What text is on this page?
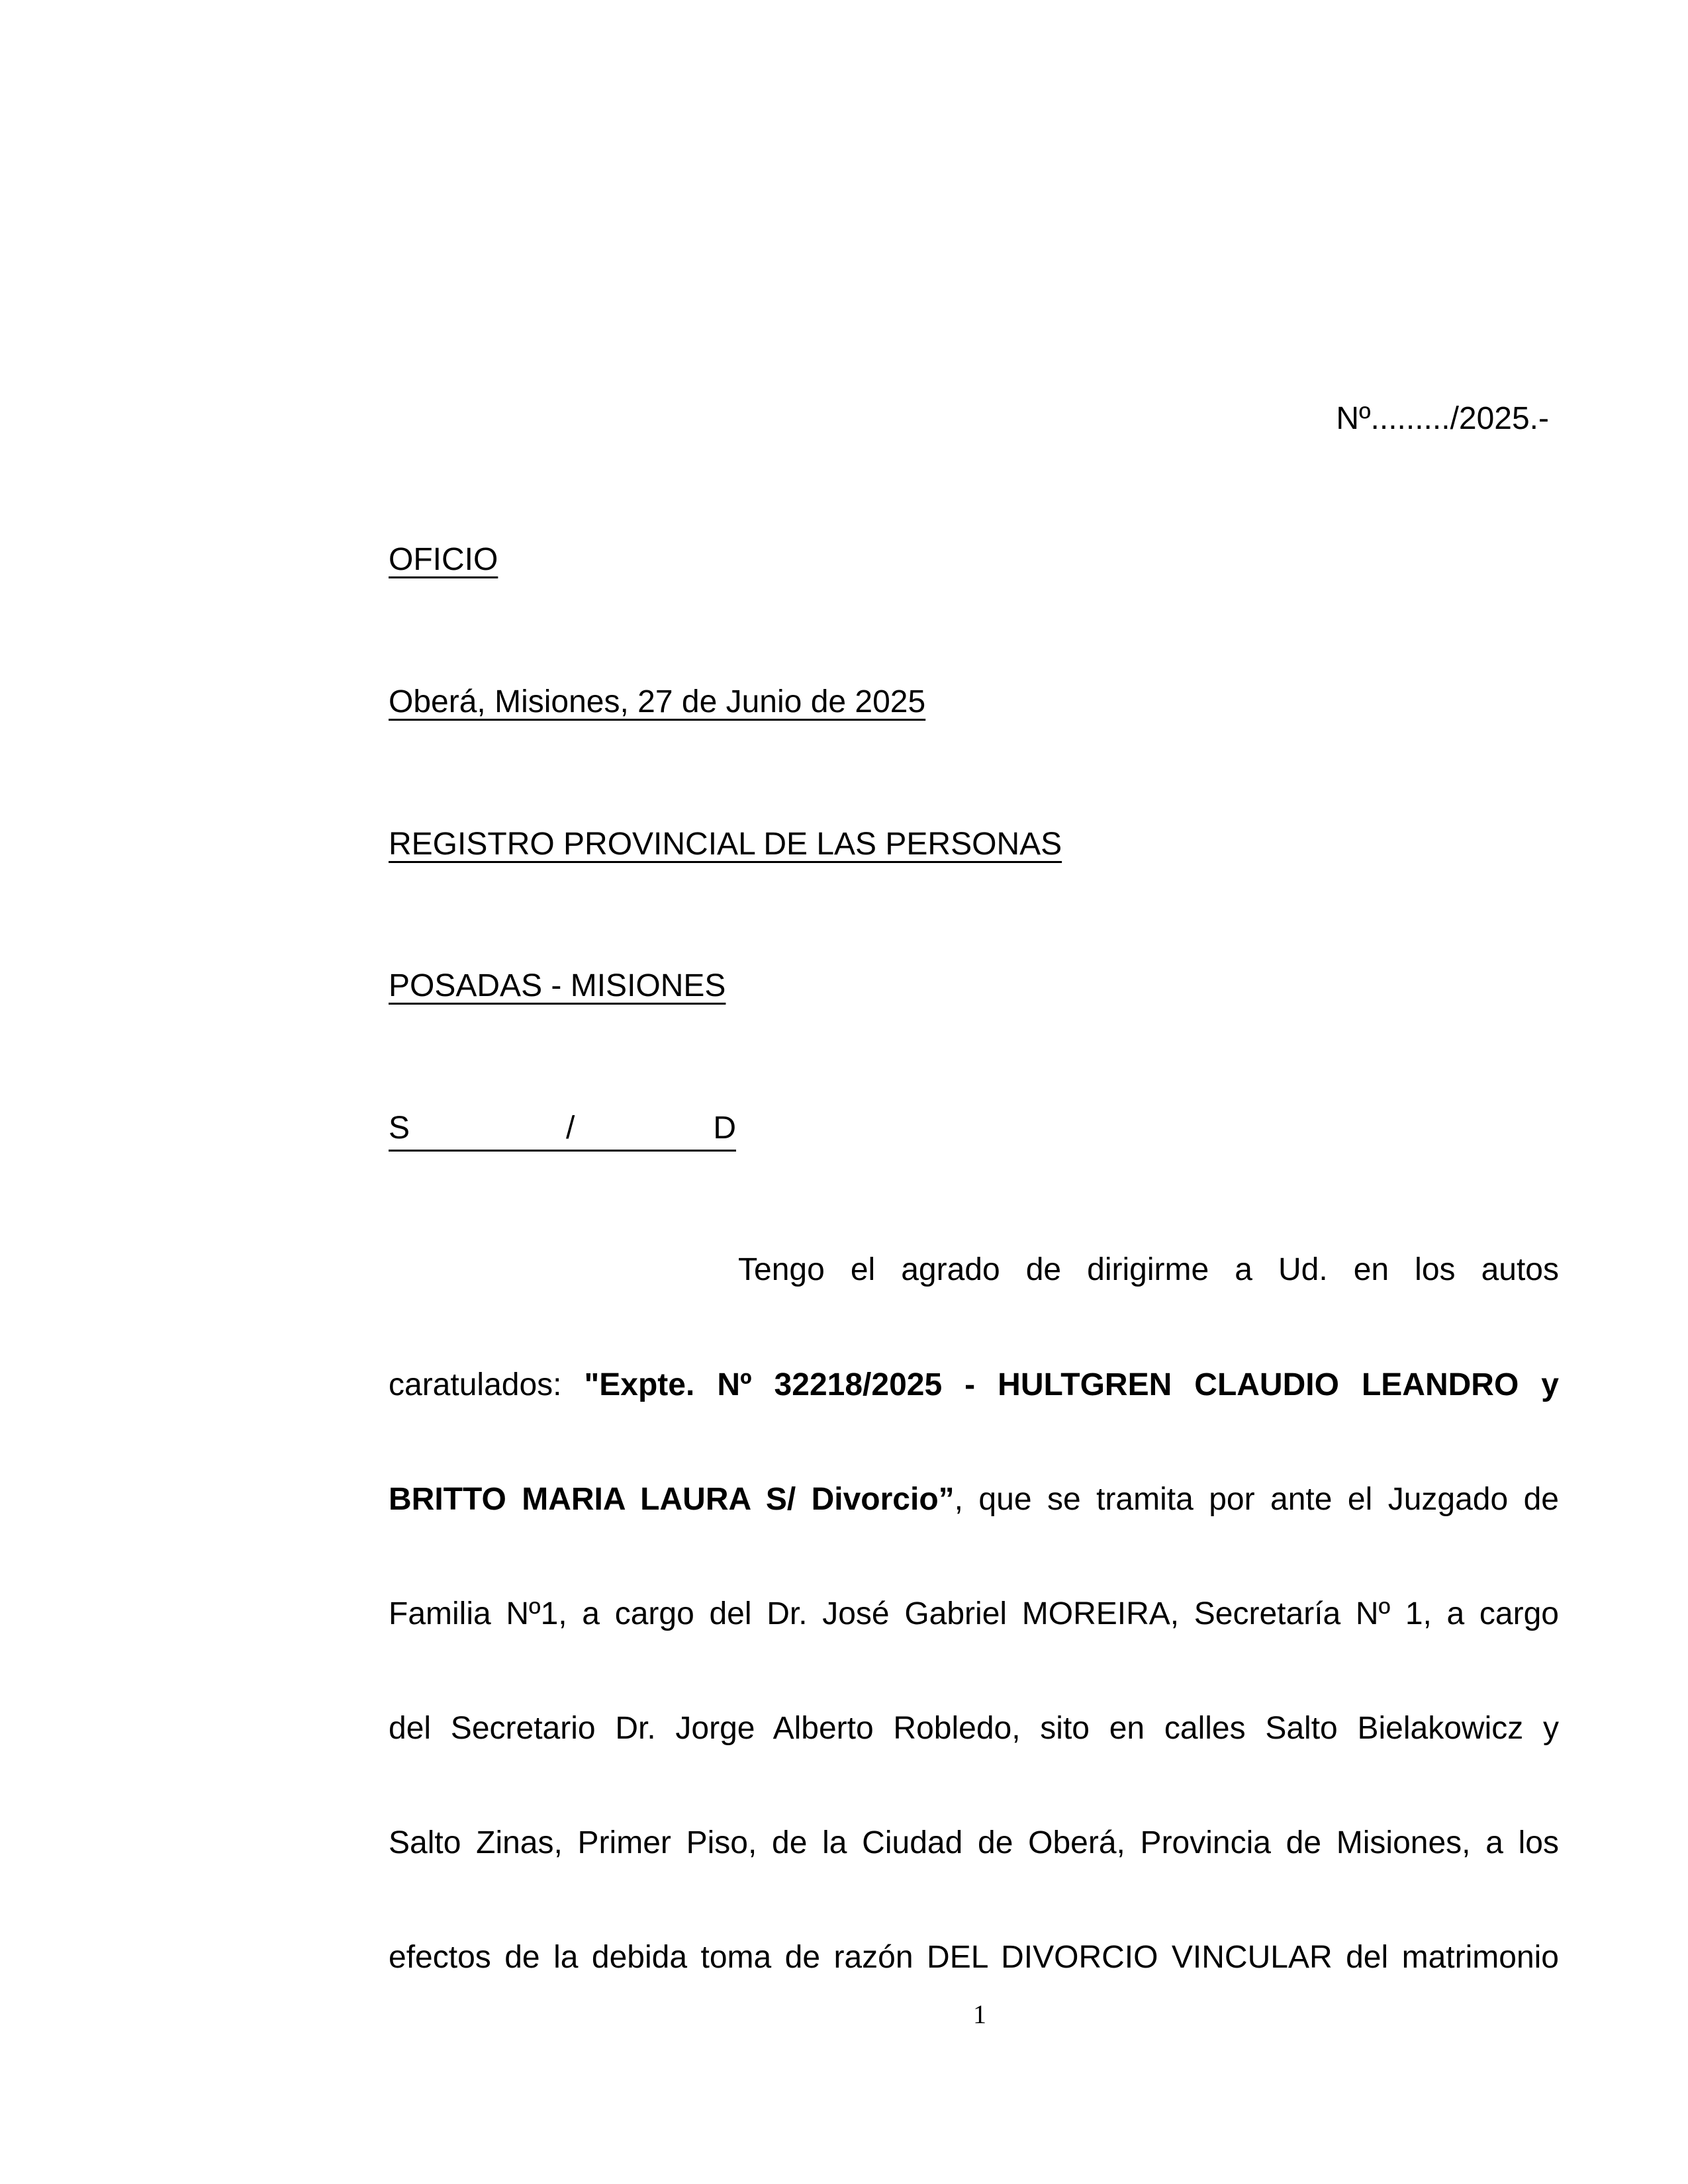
Nº........./2025.-
OFICIO
Oberá, Misiones, 27 de Junio de 2025
REGISTRO PROVINCIAL DE LAS PERSONAS
POSADAS - MISIONES
S	/	D
Tengo el agrado de dirigirme a Ud. en los autos
caratulados: "Expte. Nº 32218/2025 - HULTGREN CLAUDIO LEANDRO y
BRITTO MARIA LAURA S/ Divorcio”, que se tramita por ante el Juzgado de
Familia Nº1, a cargo del Dr. José Gabriel MOREIRA, Secretaría Nº 1, a cargo
del Secretario Dr. Jorge Alberto Robledo, sito en calles Salto Bielakowicz y
Salto Zinas, Primer Piso, de la Ciudad de Oberá, Provincia de Misiones, a los
efectos de la debida toma de razón DEL DIVORCIO VINCULAR del matrimonio
1
